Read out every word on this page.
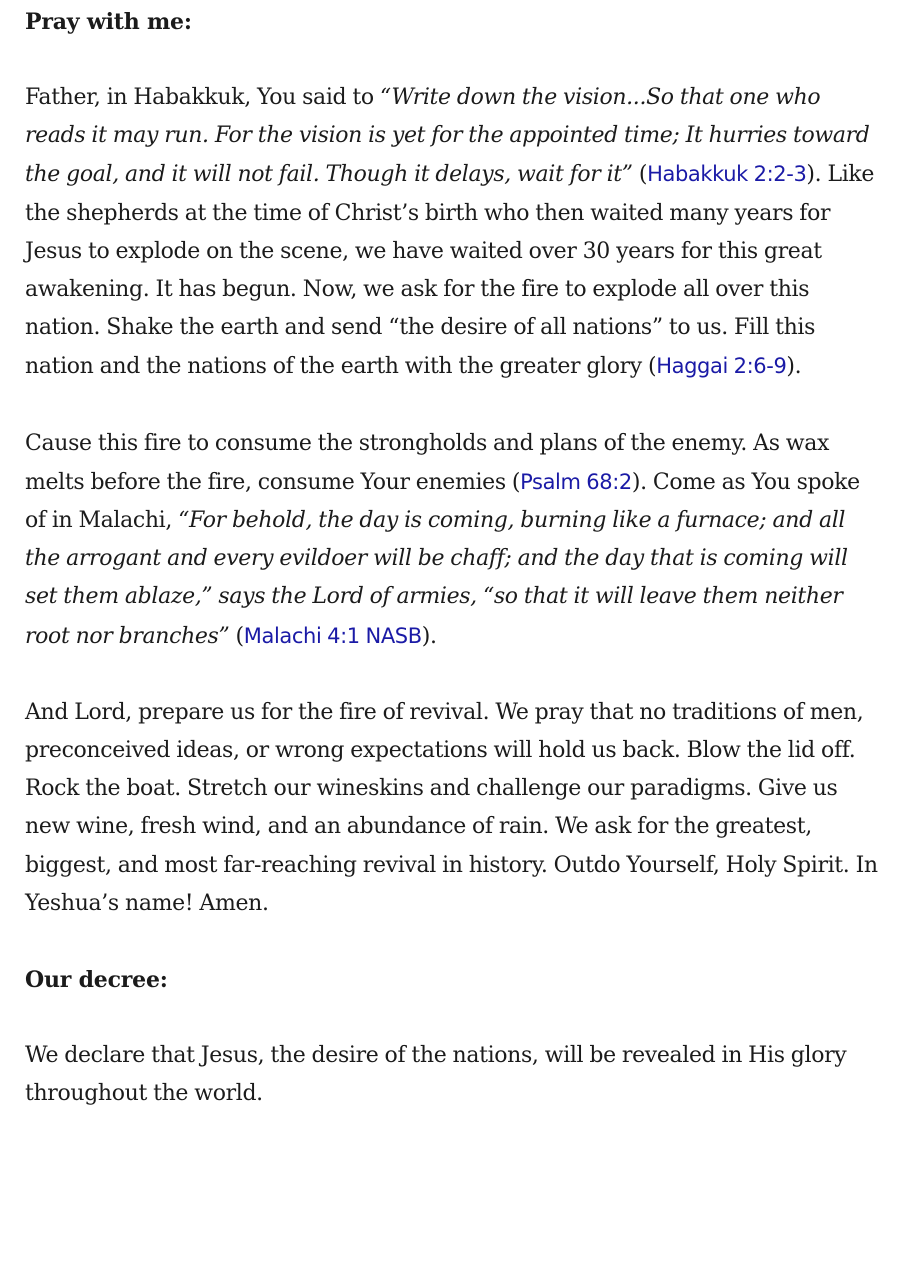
Pray with me:

Father, in Habakkuk, You said to “Write down the vision...So that one who reads it may run. For the vision is yet for the appointed time; It hurries toward the goal, and it will not fail. Though it delays, wait for it” (Habakkuk 2:2-3). Like the shepherds at the time of Christ’s birth who then waited many years for Jesus to explode on the scene, we have waited over 30 years for this great awakening. It has begun. Now, we ask for the fire to explode all over this nation. Shake the earth and send “the desire of all nations” to us. Fill this nation and the nations of the earth with the greater glory (Haggai 2:6-9).

Cause this fire to consume the strongholds and plans of the enemy. As wax melts before the fire, consume Your enemies (Psalm 68:2). Come as You spoke of in Malachi, “For behold, the day is coming, burning like a furnace; and all the arrogant and every evildoer will be chaff; and the day that is coming will set them ablaze,” says the Lord of armies, “so that it will leave them neither root nor branches” (Malachi 4:1 NASB).

And Lord, prepare us for the fire of revival. We pray that no traditions of men, preconceived ideas, or wrong expectations will hold us back. Blow the lid off. Rock the boat. Stretch our wineskins and challenge our paradigms. Give us new wine, fresh wind, and an abundance of rain. We ask for the greatest, biggest, and most far-reaching revival in history. Outdo Yourself, Holy Spirit. In Yeshua’s name! Amen.

Our decree:

We declare that Jesus, the desire of the nations, will be revealed in His glory throughout the world.
